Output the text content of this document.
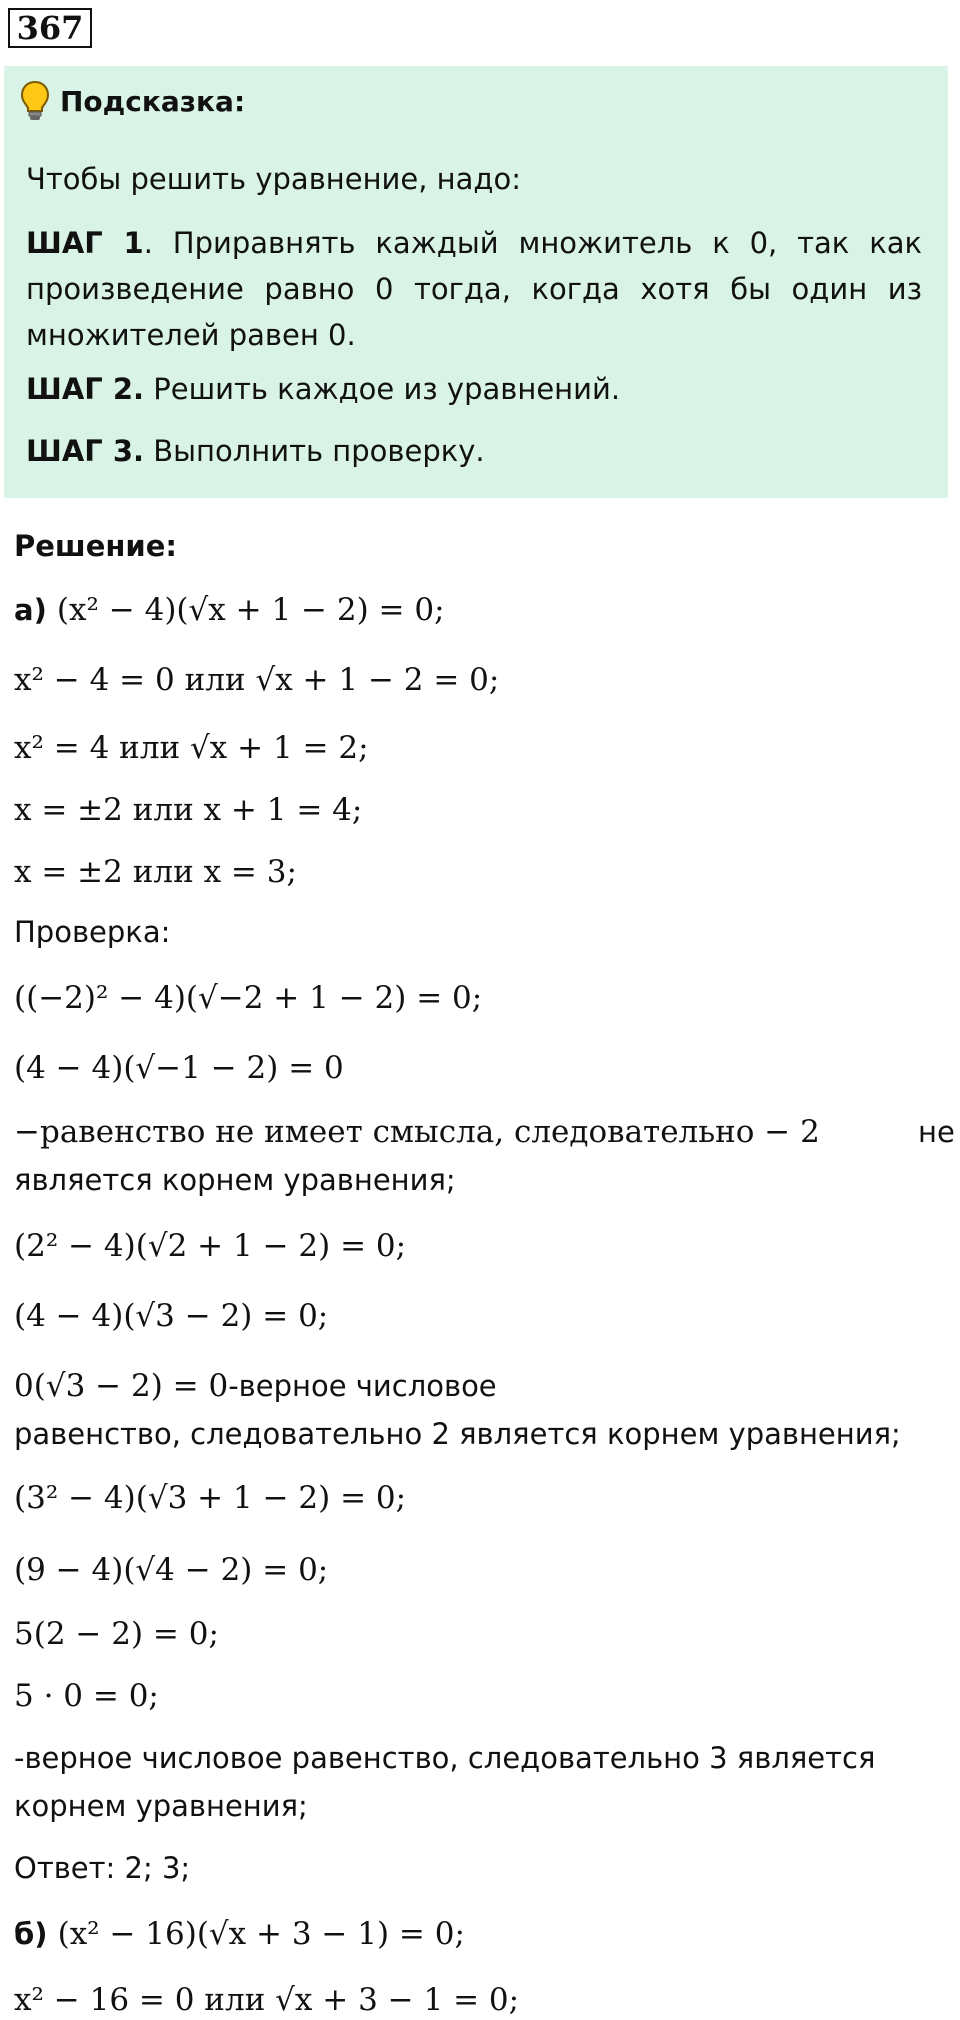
367
Подсказка:

Чтобы решить уравнение, надо:

ШАГ 1. Приравнять каждый множитель к 0, так как произведение равно 0 тогда, когда хотя бы один из множителей равен 0.

ШАГ 2. Решить каждое из уравнений.

ШАГ 3. Выполнить проверку.

Решение:
а) (x² − 4)(√x + 1 − 2) = 0;
x² − 4 = 0 или √x + 1 − 2 = 0;
x² = 4 или √x + 1 = 2;
x = ±2 или x + 1 = 4;
x = ±2 или x = 3;
Проверка:
((−2)² − 4)(√−2 + 1 − 2) = 0;
(4 − 4)(√−1 − 2) = 0
−равенство не имеет смысла, следовательно − 2	не
является корнем уравнения;
(2² − 4)(√2 + 1 − 2) = 0;
(4 − 4)(√3 − 2) = 0;
0(√3 − 2) = 0-верное числовое
равенство, следовательно 2 является корнем уравнения;
(3² − 4)(√3 + 1 − 2) = 0;
(9 − 4)(√4 − 2) = 0;
5(2 − 2) = 0;
5 · 0 = 0;
-верное числовое равенство, следовательно 3 является
корнем уравнения;
Ответ: 2; 3;
б) (x² − 16)(√x + 3 − 1) = 0;
x² − 16 = 0 или √x + 3 − 1 = 0;
